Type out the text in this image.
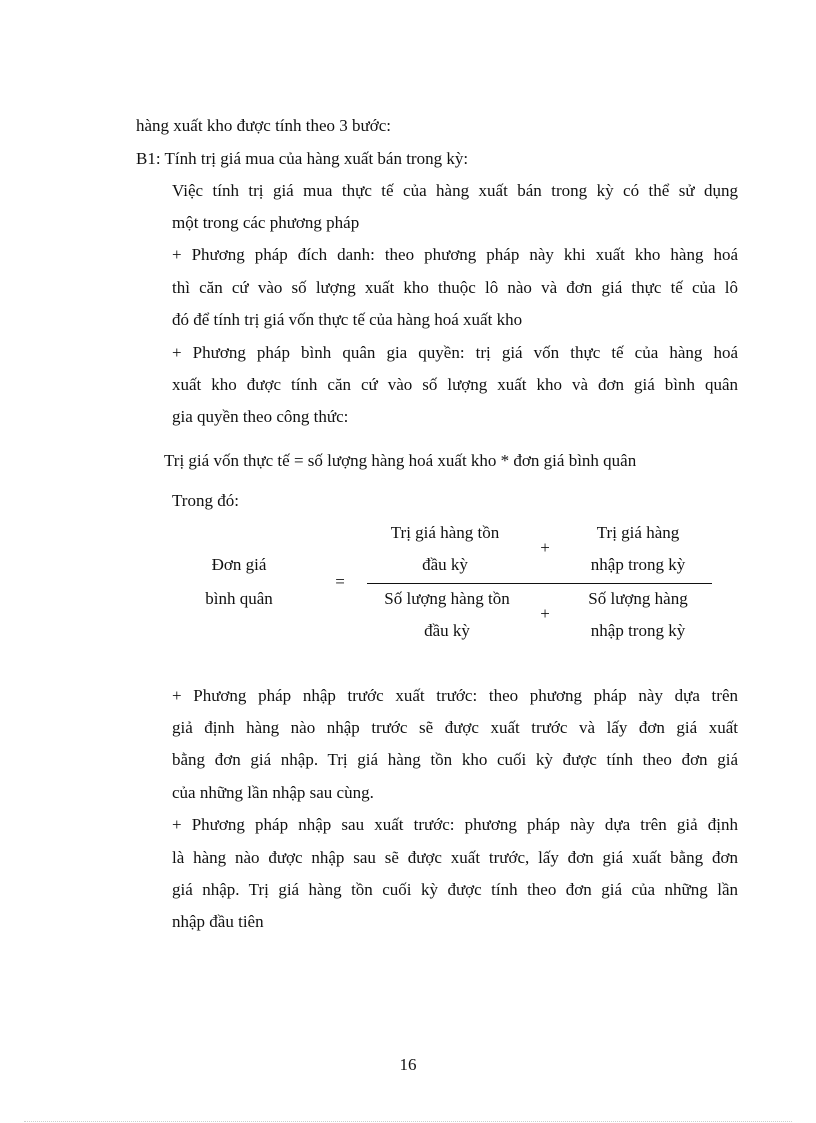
hàng xuất kho được tính theo 3 bước:
B1: Tính trị giá mua của hàng xuất bán trong kỳ:
Việc tính trị giá mua thực tế của hàng xuất bán trong kỳ có thể sử dụng
một trong các phương pháp
+ Phương pháp đích danh: theo phương pháp này khi xuất kho hàng hoá
thì căn cứ vào số lượng xuất kho thuộc lô nào và đơn giá thực tế của lô
đó để tính trị giá vốn thực tế của hàng hoá xuất kho
+ Phương pháp bình quân gia quyền: trị giá vốn thực tế của hàng hoá
xuất kho được tính căn cứ vào số lượng xuất kho và đơn giá bình quân
gia quyền theo công thức:
Trị giá vốn thực tế = số lượng hàng hoá xuất kho * đơn giá bình quân
Trong đó:
Đơn giá
bình quân
=
Trị giá hàng tồn
đầu kỳ
+
Trị giá hàng
nhập trong kỳ
Số lượng hàng tồn
đầu kỳ
+
Số lượng hàng
nhập trong kỳ
+ Phương pháp nhập trước xuất trước: theo phương pháp này dựa trên
giả định hàng nào nhập trước sẽ được xuất trước và lấy đơn giá xuất
bằng đơn giá nhập. Trị giá hàng tồn kho cuối kỳ được tính theo đơn giá
của những lần nhập sau cùng.
+ Phương pháp nhập sau xuất trước: phương pháp này dựa trên giả định
là hàng nào được nhập sau sẽ được xuất trước, lấy đơn giá xuất bằng đơn
giá nhập. Trị giá hàng tồn cuối kỳ được tính theo đơn giá của những lần
nhập đầu tiên
16
